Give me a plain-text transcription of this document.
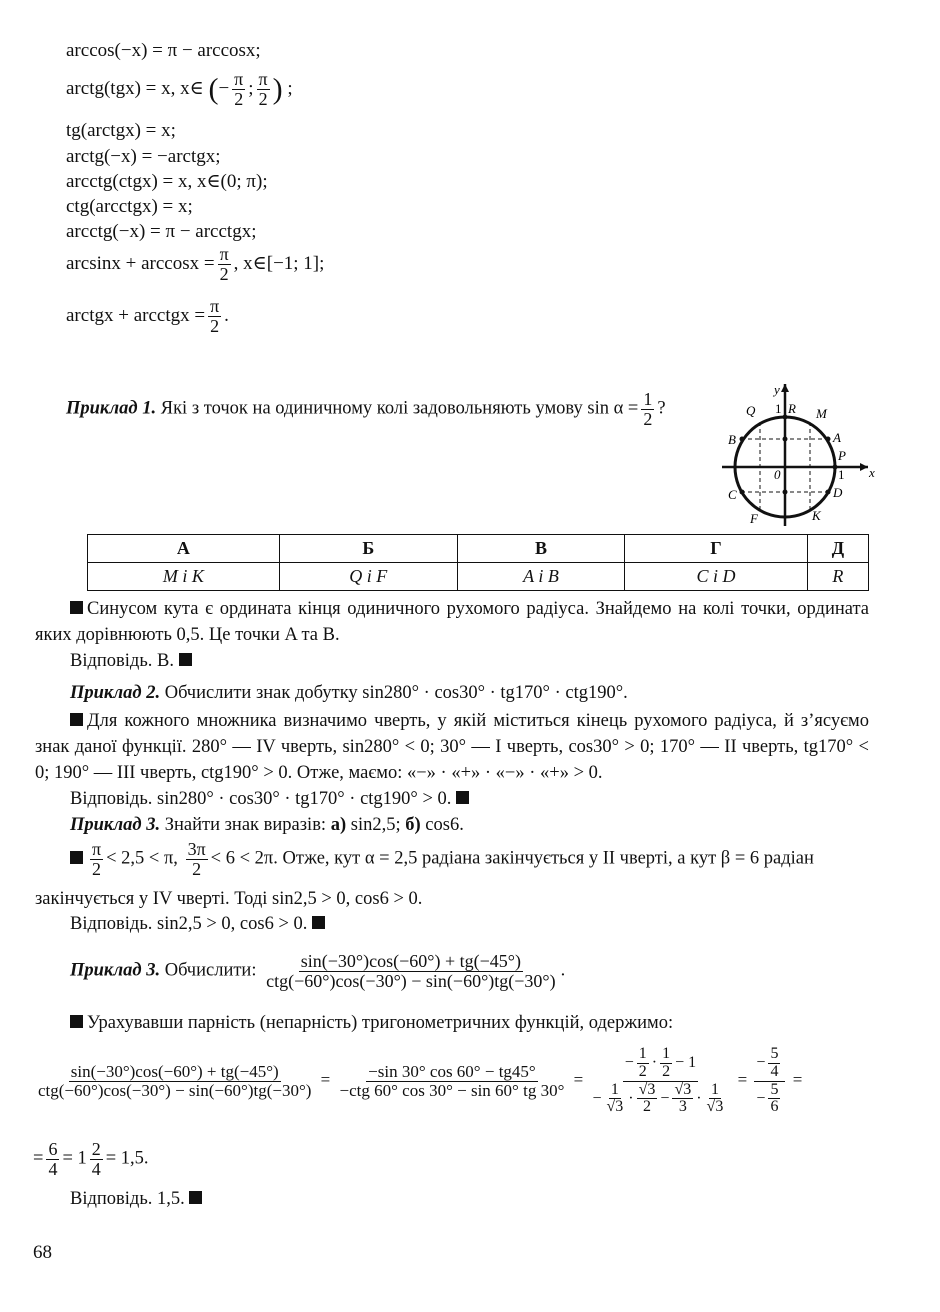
arccos(−x) = π − arccosx;
arctg(tgx) = x, x∈ (− $\frac{\pi}{2}$ ; $\frac{\pi}{2}$ ) ;
tg(arctgx) = x;
arctg(−x) = −arctgx;
arcctg(ctgx) = x, x∈(0; π);
ctg(arcctgx) = x;
arcctg(−x) = π − arcctgx;
$\arcsin x + \arccos x = \frac{\pi}{2}$ , x∈[−1; 1];
arctgx + arcctgx = $\frac{\pi}{2}$ .
Приклад 1. Які з точок на одиничному колі задовольняють умову $\sin \alpha = \frac{1}{2}$ ?
y
x
1
1
0
Q	R M
B	A
P
C	D
F	K
А	Б	В	Г	Д
M і K	Q і F	A і B	C і D	R

Синусом кута є ордината кінця одиничного рухомого радіуса. Знайдемо на колі точки, ордината яких дорівнюють 0,5. Це точки A та B.

Відповідь. В.

Приклад 2. Обчислити знак добутку sin280° · cos30° · tg170° · ctg190°.

Для кожного множника визначимо чверть, у якій міститься кінець рухомого радіуса, й з’ясуємо знак даної функції. 280° — IV чверть, sin280° < 0; 30° — I чверть, cos30° > 0; 170° — II чверть, tg170° < 0; 190° — III чверть, ctg190° > 0. Отже, маємо: «−» · «+» · «−» · «+» > 0.

Відповідь. sin280° · cos30° · tg170° · ctg190° > 0.

Приклад 3. Знайти знак виразів: а) sin2,5; б) cos6.

$\frac{\pi}{2} < 2,5 < \pi$, $\frac{3\pi}{2} < 6 < 2\pi$. Отже, кут α = 2,5 радіана закінчується у II чверті, а кут β = 6 радіан
закінчується у IV чверті. Тоді sin2,5 > 0, cos6 > 0.
Відповідь. sin2,5 > 0, cos6 > 0.
Приклад 3. Обчислити: $\frac{\sin(-30^\circ)\cos(-60^\circ) + tg(-45^\circ)}{\text{ctg(−60°)cos(−30°) − sin(−60°)tg(−30°)}}$ .
Урахувавши парність (непарність) тригонометричних функцій, одержимо:
$\frac{\sin(-30^\circ)\cos(-60^\circ) + tg(-45^\circ)}{\text{ctg(−60°)cos(−30°) − sin(−60°)tg(−30°)}} = \frac{-\sin 30^\circ \cos 60^\circ - tg45^\circ}{\text{−ctg 60° cos 30° − sin 60° tg 30°}} = \frac{- \frac{1}{2} \cdot \frac{1}{2} - 1}{- \frac{1}{√3} \cdot \frac{√3}{2} - \frac{√3}{3} \cdot \frac{1}{√3}} = \frac{- \frac{5}{4}}{- \frac{5}{6}}$ =
= $\frac{6}{4} = 1 \frac{2}{4} = 1,5$.
Відповідь. 1,5.
68
